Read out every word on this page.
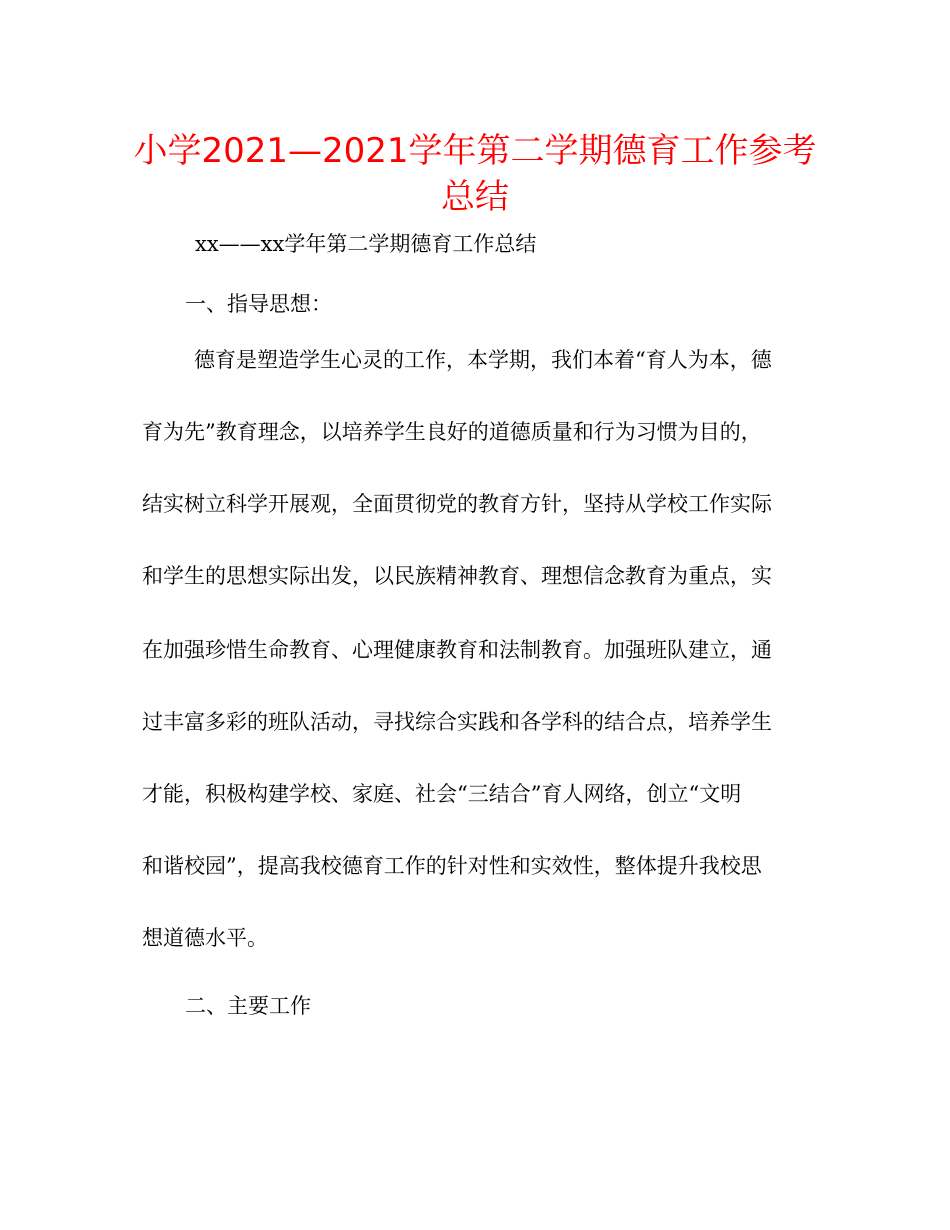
小学2021—2021学年第二学期德育工作参考总结

xx——xx学年第二学期德育工作总结

一、指导思想：

德育是塑造学生心灵的工作，本学期，我们本着“育人为本，德
育为先”教育理念，以培养学生良好的道德质量和行为习惯为目的，
结实树立科学开展观，全面贯彻党的教育方针，坚持从学校工作实际
和学生的思想实际出发，以民族精神教育、理想信念教育为重点，实
在加强珍惜生命教育、心理健康教育和法制教育。加强班队建立，通
过丰富多彩的班队活动，寻找综合实践和各学科的结合点，培养学生
才能，积极构建学校、家庭、社会“三结合”育人网络，创立“文明
和谐校园”，提高我校德育工作的针对性和实效性，整体提升我校思
想道德水平。

二、主要工作
